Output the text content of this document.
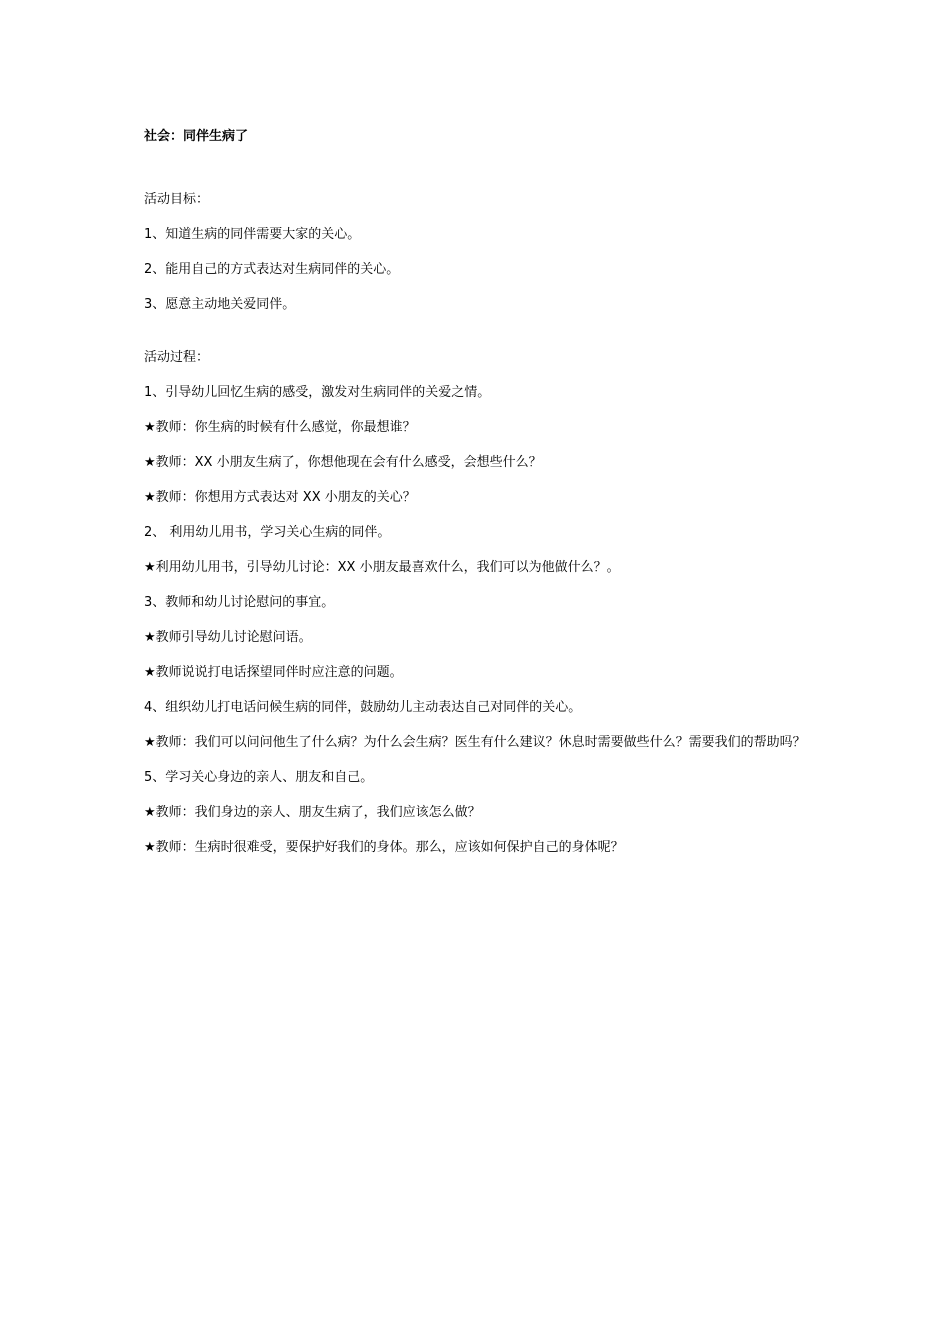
社会：同伴生病了

活动目标：

1、知道生病的同伴需要大家的关心。

2、能用自己的方式表达对生病同伴的关心。

3、愿意主动地关爱同伴。

活动过程：

1、引导幼儿回忆生病的感受，激发对生病同伴的关爱之情。

★教师：你生病的时候有什么感觉，你最想谁？

★教师：XX 小朋友生病了，你想他现在会有什么感受，会想些什么？

★教师：你想用方式表达对 XX 小朋友的关心？

2、 利用幼儿用书，学习关心生病的同伴。

★利用幼儿用书，引导幼儿讨论：XX 小朋友最喜欢什么，我们可以为他做什么？。

3、教师和幼儿讨论慰问的事宜。

★教师引导幼儿讨论慰问语。

★教师说说打电话探望同伴时应注意的问题。

4、组织幼儿打电话问候生病的同伴，鼓励幼儿主动表达自己对同伴的关心。

★教师：我们可以问问他生了什么病？为什么会生病？医生有什么建议？休息时需要做些什么？需要我们的帮助吗？

5、学习关心身边的亲人、朋友和自己。

★教师：我们身边的亲人、朋友生病了，我们应该怎么做？

★教师：生病时很难受，要保护好我们的身体。那么，应该如何保护自己的身体呢？
